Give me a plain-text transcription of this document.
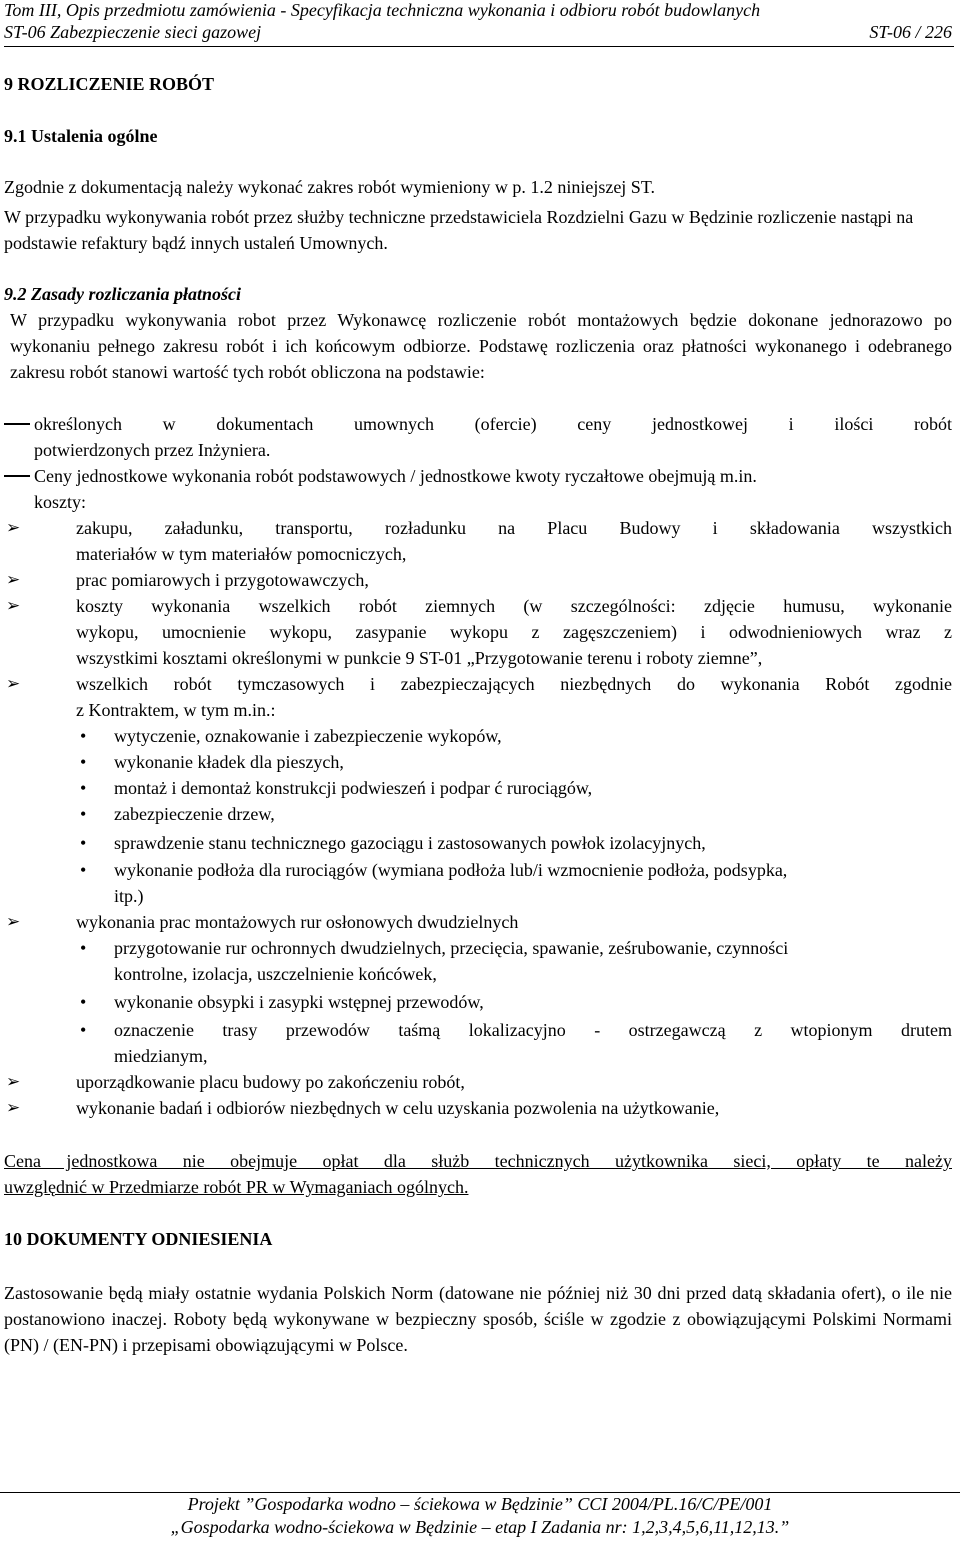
Tom III, Opis przedmiotu zamówienia - Specyfikacja techniczna wykonania i odbioru robót budowlanych
ST-06 Zabezpieczenie sieci gazowej	ST-06 / 226
9 ROZLICZENIE ROBÓT
9.1 Ustalenia ogólne
Zgodnie z dokumentacją należy wykonać zakres robót wymieniony w p. 1.2 niniejszej ST.
W przypadku wykonywania robót przez służby techniczne przedstawiciela Rozdzielni Gazu w Będzinie rozliczenie nastąpi na podstawie refaktury bądź innych ustaleń Umownych.
9.2 Zasady rozliczania płatności
W przypadku wykonywania robot przez Wykonawcę rozliczenie robót montażowych będzie dokonane jednorazowo po wykonaniu pełnego zakresu robót i ich końcowym odbiorze. Podstawę rozliczenia oraz płatności wykonanego i odebranego zakresu robót stanowi wartość tych robót obliczona na podstawie:
określonych w dokumentach umownych (ofercie) ceny jednostkowej i ilości robót
potwierdzonych przez Inżyniera.
Ceny jednostkowe wykonania robót podstawowych / jednostkowe kwoty ryczałtowe obejmują m.in.
koszty:
➢	zakupu, załadunku, transportu, rozładunku na Placu Budowy i składowania wszystkich
materiałów w tym materiałów pomocniczych,
➢	prac pomiarowych i przygotowawczych,
➢	koszty wykonania wszelkich robót ziemnych (w szczególności: zdjęcie humusu, wykonanie
wykopu, umocnienie wykopu, zasypanie wykopu z zagęszczeniem) i odwodnieniowych wraz z
wszystkimi kosztami określonymi w punkcie 9 ST-01 „Przygotowanie terenu i roboty ziemne”,
➢	wszelkich robót tymczasowych i zabezpieczających niezbędnych do wykonania Robót zgodnie
z Kontraktem, w tym m.in.:
• wytyczenie, oznakowanie i zabezpieczenie wykopów,
• wykonanie kładek dla pieszych,
• montaż i demontaż konstrukcji podwieszeń i podpar ć rurociągów,
• zabezpieczenie drzew,
• sprawdzenie stanu technicznego gazociągu i zastosowanych powłok izolacyjnych,
• wykonanie podłoża dla rurociągów (wymiana podłoża lub/i wzmocnienie podłoża, podsypka,
itp.)
➢	wykonania prac montażowych rur osłonowych dwudzielnych
• przygotowanie rur ochronnych dwudzielnych, przecięcia, spawanie, ześrubowanie, czynności
kontrolne, izolacja, uszczelnienie końcówek,
• wykonanie obsypki i zasypki wstępnej przewodów,
• oznaczenie trasy przewodów taśmą lokalizacyjno - ostrzegawczą z wtopionym drutem
miedzianym,
➢	uporządkowanie placu budowy po zakończeniu robót,
➢	wykonanie badań i odbiorów niezbędnych w celu uzyskania pozwolenia na użytkowanie,
Cena jednostkowa nie obejmuje opłat dla służb technicznych użytkownika sieci, opłaty te należy
uwzględnić w Przedmiarze robót PR w Wymaganiach ogólnych.
10 DOKUMENTY ODNIESIENIA
Zastosowanie będą miały ostatnie wydania Polskich Norm (datowane nie później niż 30 dni przed datą składania ofert), o ile nie postanowiono inaczej. Roboty będą wykonywane w bezpieczny sposób, ściśle w zgodzie z obowiązującymi Polskimi Normami (PN) / (EN-PN) i przepisami obowiązującymi w Polsce.
Projekt ”Gospodarka wodno – ściekowa w Będzinie” CCI 2004/PL.16/C/PE/001
„Gospodarka wodno-ściekowa w Będzinie – etap I Zadania nr: 1,2,3,4,5,6,11,12,13.”
